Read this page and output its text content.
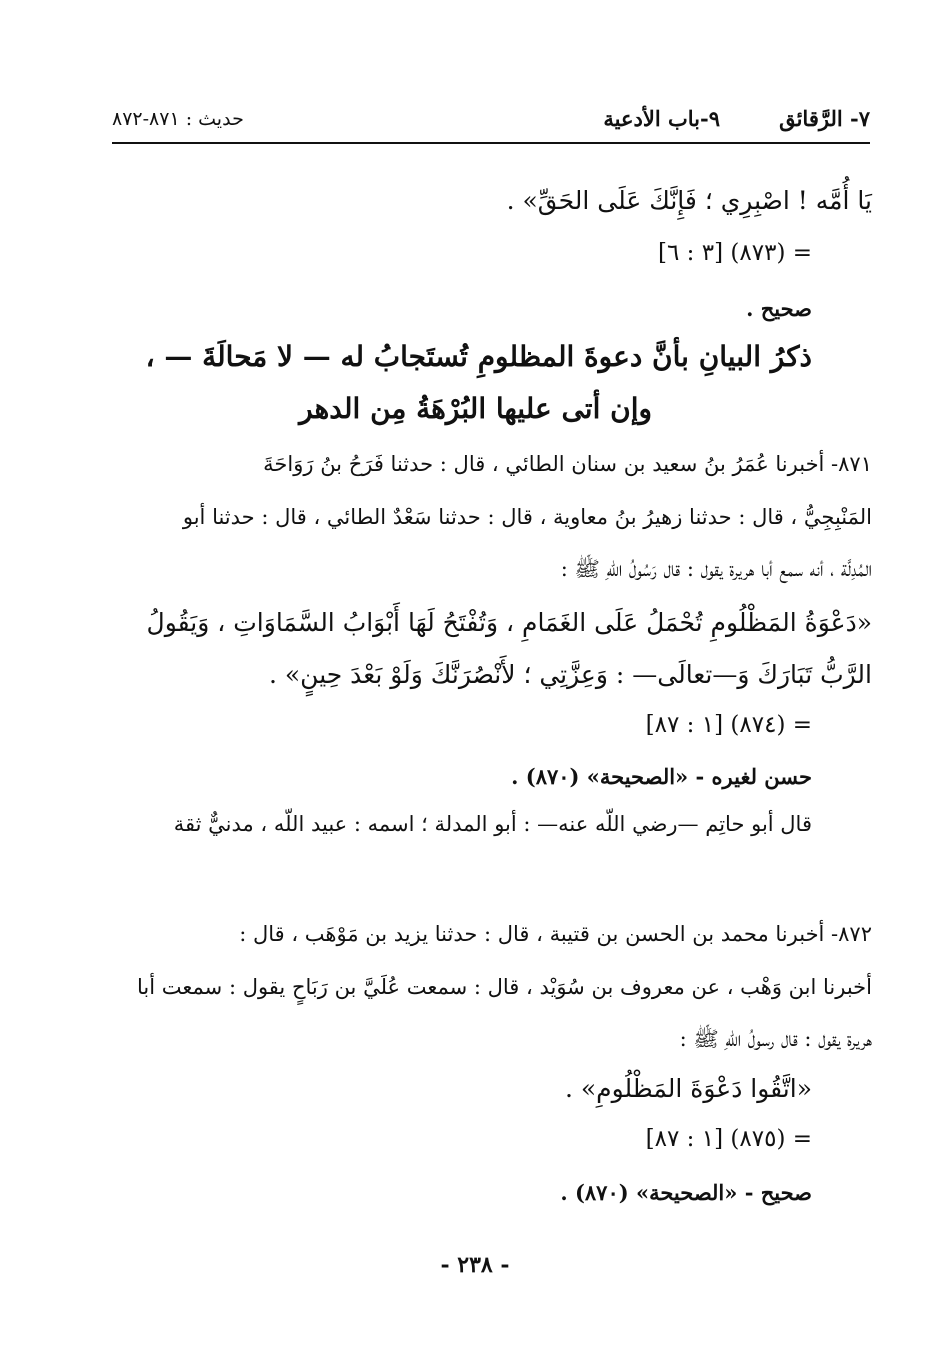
٧- الرَّقائق
٩-باب الأدعية
حديث : ٨٧١-٨٧٢
يَا أُمَّه ! اصْبِرِي ؛ فَإِنَّكَ عَلَى الحَقِّ» .
= (٨٧٣) [٣ : ٦]
صحيح .
ذكرُ البيانِ بأنَّ دعوةَ المظلومِ تُستَجابُ له — لا مَحالَةَ — ،
وإن أتى عليها البُرْهَةُ مِن الدهر
٨٧١- أخبرنا عُمَرُ بنُ سعيد بن سنان الطائي ، قال : حدثنا فَرَحُ بنُ رَوَاحَةَ
المَنْبِجِيُّ ، قال : حدثنا زهيرُ بنُ معاوية ، قال : حدثنا سَعْدٌ الطائي ، قال : حدثنا أبو
المُدِلَّة ، أنه سمع أبا هريرة يقول : قال رَسُولُ اللّهِ ﷺ :
«دَعْوَةُ المَظْلُومِ تُحْمَلُ عَلَى الغَمَامِ ، وَتُفْتَحُ لَهَا أَبْوَابُ السَّمَاوَاتِ ، وَيَقُولُ
الرَّبُّ تَبَارَكَ وَ—تعالَى— : وَعِزَّتِي ؛ لأَنْصُرَنَّكَ وَلَوْ بَعْدَ حِينٍ» .
= (٨٧٤) [١ : ٨٧]
حسن لغيره - «الصحيحة» (٨٧٠) .
قال أبو حاتِم —رضي اللّه عنه— : أبو المدلة ؛ اسمه : عبيد اللّه ، مدنيٌّ ثقة
٨٧٢- أخبرنا محمد بن الحسن بن قتيبة ، قال : حدثنا يزيد بن مَوْهَب ، قال :
أخبرنا ابن وَهْب ، عن معروف بن سُوَيْد ، قال : سمعت عُلَيَّ بن رَبَاحٍ يقول : سمعت أبا
هريرة يقول : قال رسولُ اللّهِ ﷺ :
«اتَّقُوا دَعْوَةَ المَظْلُومِ» .
= (٨٧٥) [١ : ٨٧]
صحيح - «الصحيحة» (٨٧٠) .
- ٢٣٨ -
